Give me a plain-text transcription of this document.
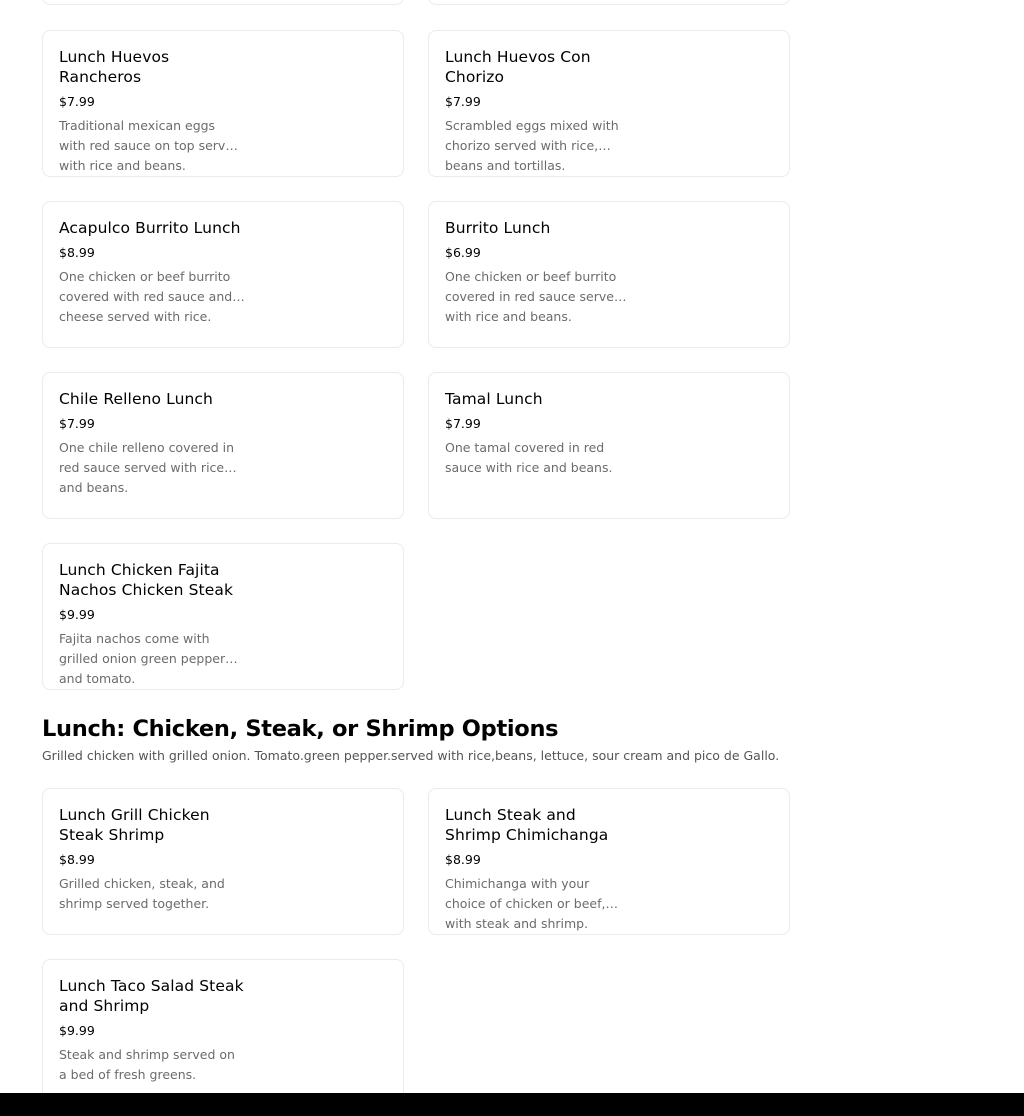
Lunch Huevos Rancheros
$7.99
Traditional mexican eggs with red sauce on top served with rice and beans.
Lunch Huevos Con Chorizo
$7.99
Scrambled eggs mixed with chorizo served with rice, beans and tortillas.
Acapulco Burrito Lunch
$8.99
One chicken or beef burrito covered with red sauce and cheese served with rice.
Burrito Lunch
$6.99
One chicken or beef burrito covered in red sauce served with rice and beans.
Chile Relleno Lunch
$7.99
One chile relleno covered in red sauce served with rice and beans.
Tamal Lunch
$7.99
One tamal covered in red sauce with rice and beans.
Lunch Chicken Fajita Nachos Chicken Steak
$9.99
Fajita nachos come with grilled onion green pepper and tomato.
Lunch: Chicken, Steak, or Shrimp Options
Grilled chicken with grilled onion. Tomato.green pepper.served with rice,beans, lettuce, sour cream and pico de Gallo.
Lunch Grill Chicken Steak Shrimp
$8.99
Grilled chicken, steak, and shrimp served together.
Lunch Steak and Shrimp Chimichanga
$8.99
Chimichanga with your choice of chicken or beef, with steak and shrimp.
Lunch Taco Salad Steak and Shrimp
$9.99
Steak and shrimp served on a bed of fresh greens.
